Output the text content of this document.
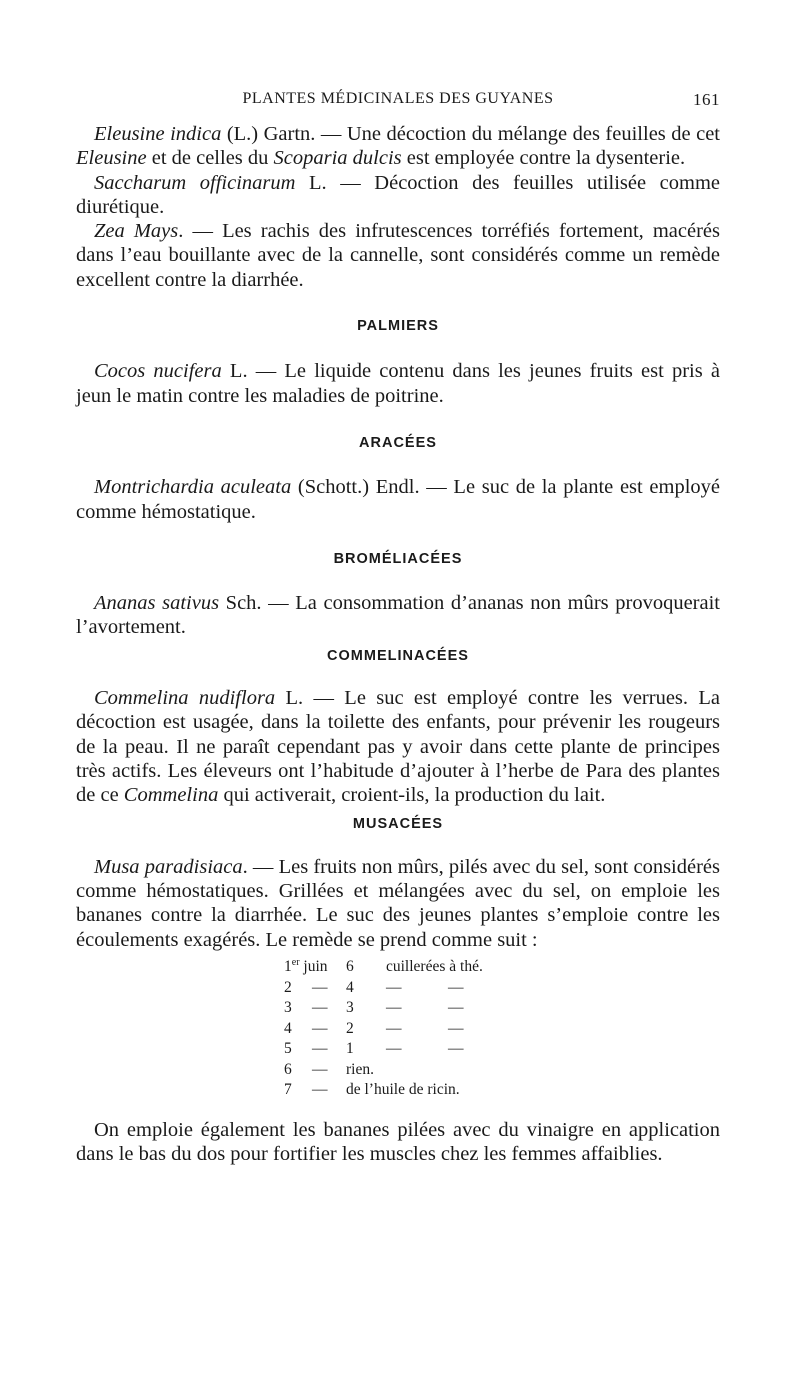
PLANTES MÉDICINALES DES GUYANES	161

Eleusine indica (L.) Gartn. — Une décoction du mélange des feuilles de cet Eleusine et de celles du Scoparia dulcis est employée contre la dysenterie.

Saccharum officinarum L. — Décoction des feuilles utilisée comme diurétique.

Zea Mays. — Les rachis des infrutescences torréfiés fortement, macérés dans l’eau bouillante avec de la cannelle, sont considérés comme un remède excellent contre la diarrhée.

PALMIERS

Cocos nucifera L. — Le liquide contenu dans les jeunes fruits est pris à jeun le matin contre les maladies de poitrine.

ARACÉES

Montrichardia aculeata (Schott.) Endl. — Le suc de la plante est employé comme hémostatique.

BROMÉLIACÉES

Ananas sativus Sch. — La consommation d’ananas non mûrs provoquerait l’avortement.

COMMELINACÉES

Commelina nudiflora L. — Le suc est employé contre les verrues. La décoction est usagée, dans la toilette des enfants, pour prévenir les rougeurs de la peau. Il ne paraît cependant pas y avoir dans cette plante de principes très actifs. Les éleveurs ont l’habitude d’ajouter à l’herbe de Para des plantes de ce Commelina qui activerait, croient-ils, la production du lait.

MUSACÉES

Musa paradisiaca. — Les fruits non mûrs, pilés avec du sel, sont considérés comme hémostatiques. Grillées et mélangées avec du sel, on emploie les bananes contre la diarrhée. Le suc des jeunes plantes s’emploie contre les écoulements exagérés. Le remède se prend comme suit :

1er juin		6	cuillerées à thé.	
2	—	4	—	—
3	—	3	—	—
4	—	2	—	—
5	—	1	—	—
6	—	rien.		
7	—	de l’huile de ricin.		

On emploie également les bananes pilées avec du vinaigre en application dans le bas du dos pour fortifier les muscles chez les femmes affaiblies.
